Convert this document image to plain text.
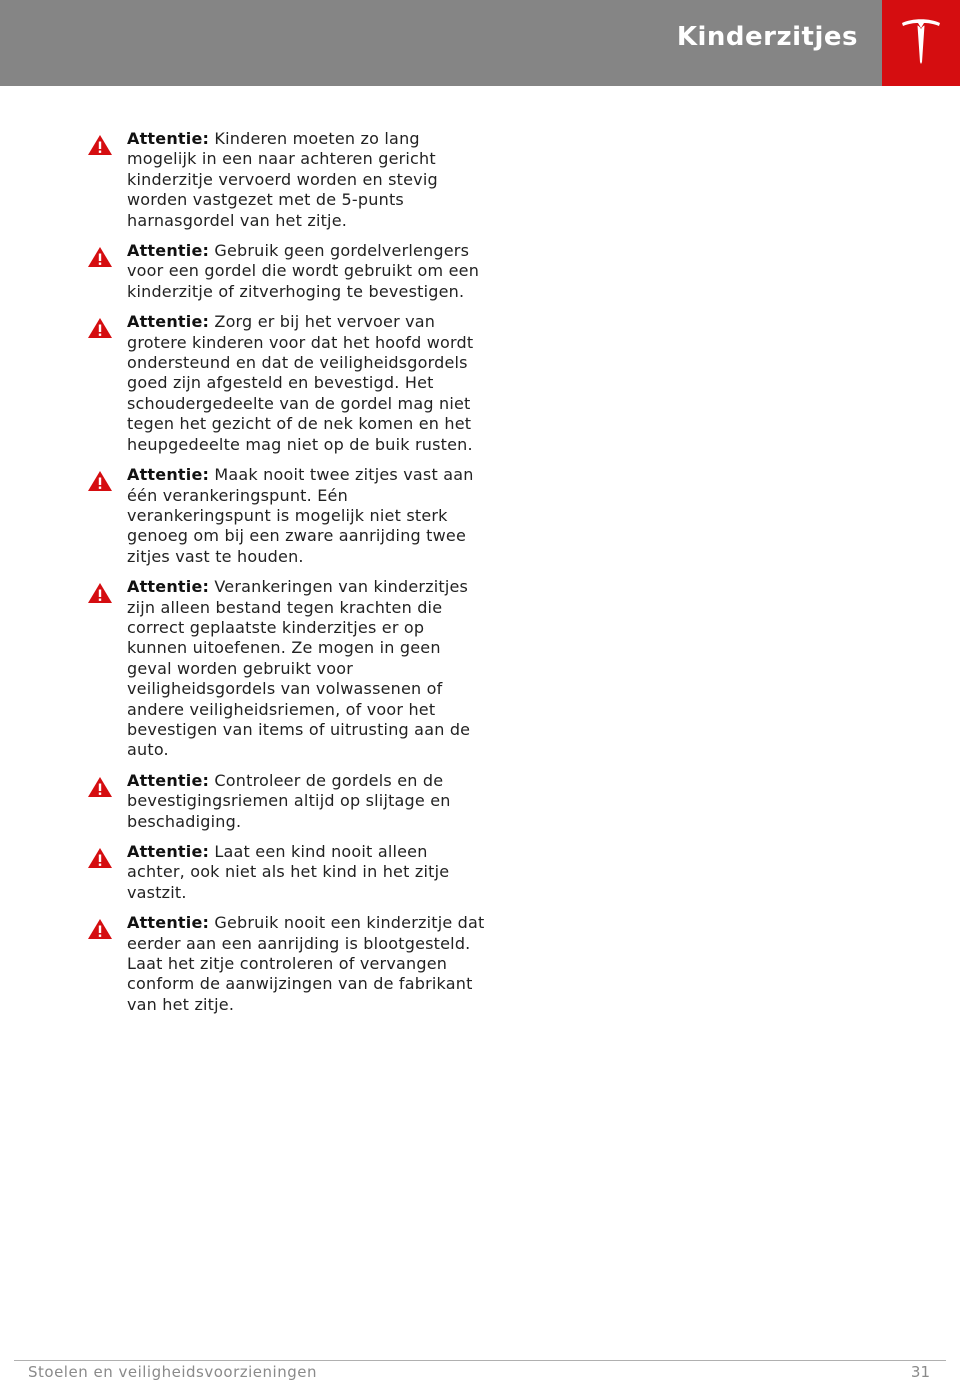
Kinderzitjes
Attentie: Kinderen moeten zo lang mogelijk in een naar achteren gericht kinderzitje vervoerd worden en stevig worden vastgezet met de 5-punts harnasgordel van het zitje.
Attentie: Gebruik geen gordelverlengers voor een gordel die wordt gebruikt om een kinderzitje of zitverhoging te bevestigen.
Attentie: Zorg er bij het vervoer van grotere kinderen voor dat het hoofd wordt ondersteund en dat de veiligheidsgordels goed zijn afgesteld en bevestigd. Het schoudergedeelte van de gordel mag niet tegen het gezicht of de nek komen en het heupgedeelte mag niet op de buik rusten.
Attentie: Maak nooit twee zitjes vast aan één verankeringspunt. Eén verankeringspunt is mogelijk niet sterk genoeg om bij een zware aanrijding twee zitjes vast te houden.
Attentie: Verankeringen van kinderzitjes zijn alleen bestand tegen krachten die correct geplaatste kinderzitjes er op kunnen uitoefenen. Ze mogen in geen geval worden gebruikt voor veiligheidsgordels van volwassenen of andere veiligheidsriemen, of voor het bevestigen van items of uitrusting aan de auto.
Attentie: Controleer de gordels en de bevestigingsriemen altijd op slijtage en beschadiging.
Attentie: Laat een kind nooit alleen achter, ook niet als het kind in het zitje vastzit.
Attentie: Gebruik nooit een kinderzitje dat eerder aan een aanrijding is blootgesteld. Laat het zitje controleren of vervangen conform de aanwijzingen van de fabrikant van het zitje.
Stoelen en veiligheidsvoorzieningen	31
